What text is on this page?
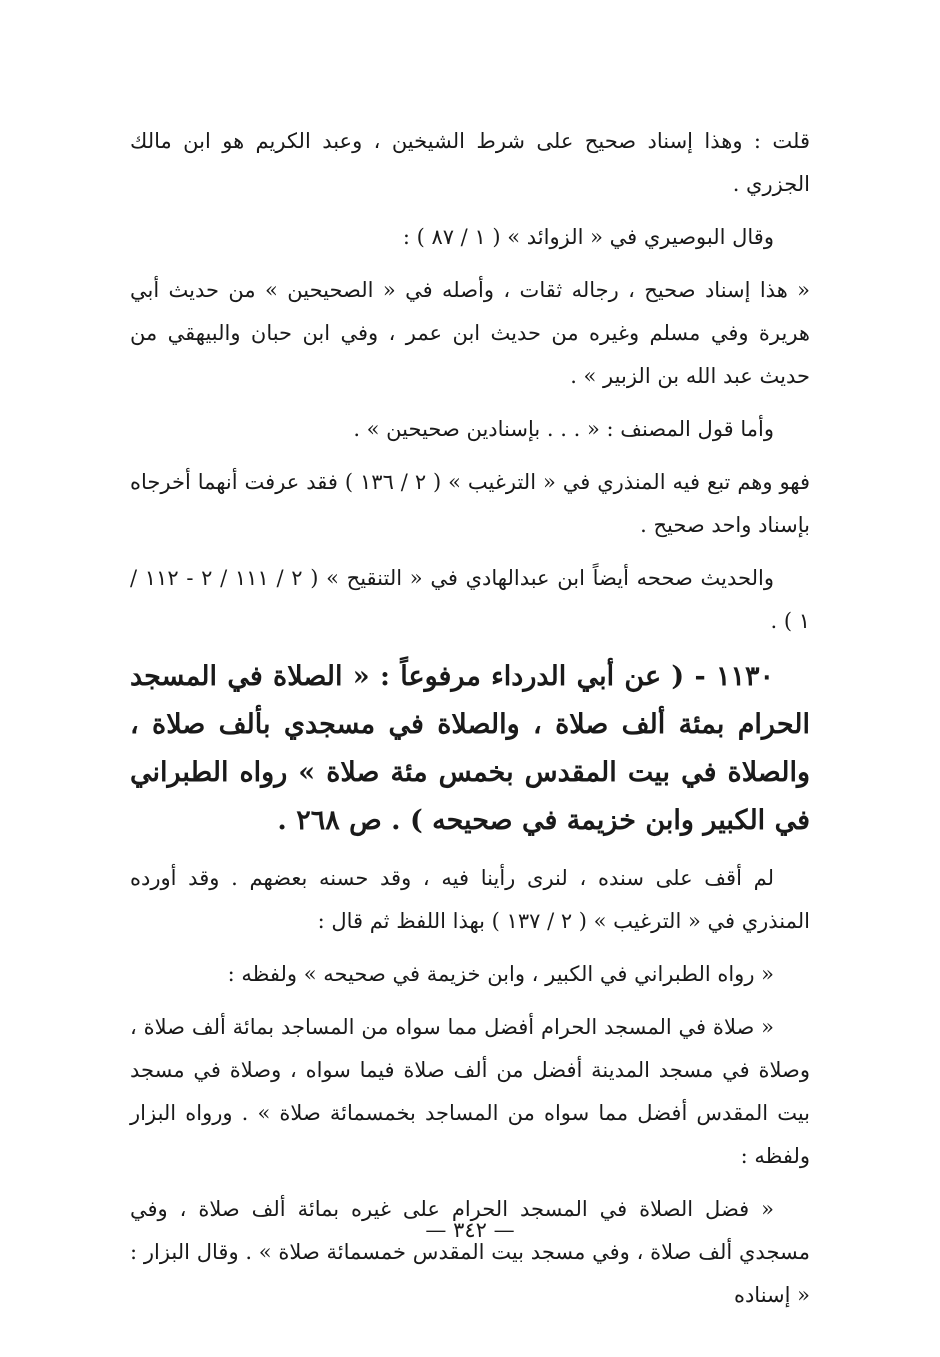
قلت : وهذا إسناد صحيح على شرط الشيخين ، وعبد الكريم هو ابن مالك الجزري .

وقال البوصيري في « الزوائد » ( ١ / ٨٧ ) :

« هذا إسناد صحيح ، رجاله ثقات ، وأصله في « الصحيحين » من حديث أبي هريرة وفي مسلم وغيره من حديث ابن عمر ، وفي ابن حبان والبيهقي من حديث عبد الله بن الزبير » .

وأما قول المصنف : « . . . بإسنادين صحيحين » .

فهو وهم تبع فيه المنذري في « الترغيب » ( ٢ / ١٣٦ ) فقد عرفت أنهما أخرجاه بإسناد واحد صحيح .

والحديث صححه أيضاً ابن عبدالهادي في « التنقيح » ( ٢ / ١١١ / ٢ - ١١٢ / ١ ) .

١١٣٠ - ( عن أبي الدرداء مرفوعاً : « الصلاة في المسجد الحرام بمئة ألف صلاة ، والصلاة في مسجدي بألف صلاة ، والصلاة في بيت المقدس بخمس مئة صلاة » رواه الطبراني في الكبير وابن خزيمة في صحيحه ) . ص ٢٦٨ .

لم أقف على سنده ، لنرى رأينا فيه ، وقد حسنه بعضهم . وقد أورده المنذري في « الترغيب » ( ٢ / ١٣٧ ) بهذا اللفظ ثم قال :

« رواه الطبراني في الكبير ، وابن خزيمة في صحيحه » ولفظه :

« صلاة في المسجد الحرام أفضل مما سواه من المساجد بمائة ألف صلاة ، وصلاة في مسجد المدينة أفضل من ألف صلاة فيما سواه ، وصلاة في مسجد بيت المقدس أفضل مما سواه من المساجد بخمسمائة صلاة » . ورواه البزار ولفظه :

« فضل الصلاة في المسجد الحرام على غيره بمائة ألف صلاة ، وفي مسجدي ألف صلاة ، وفي مسجد بيت المقدس خمسمائة صلاة » . وقال البزار : « إسناده

— ٣٤٢ —
